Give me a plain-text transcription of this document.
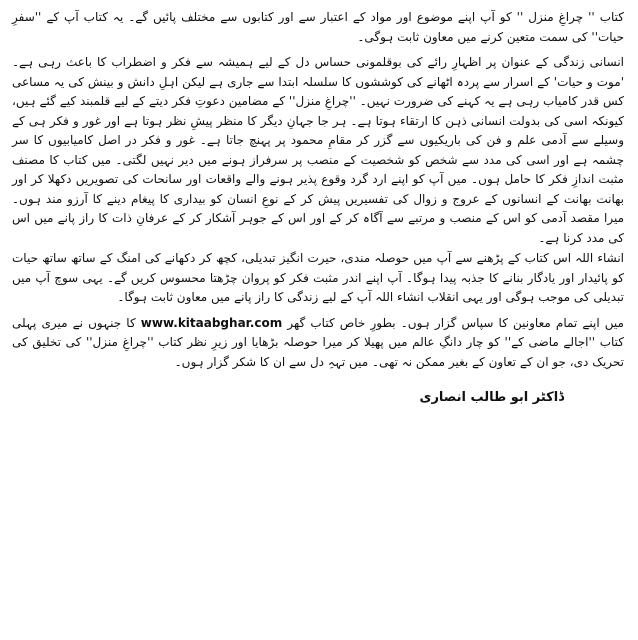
کتاب '' چراغِ منزل '' کو آپ اپنے موضوع اور مواد کے اعتبار سے اور کتابوں سے مختلف پائیں گے۔ یہ کتاب آپ کے ''سفرِ حیات'' کی سمت متعین کرنے میں معاون ثابت ہوگی۔

انسانی زندگی کے عنوان پر اظہارِ رائے کی بوقلمونی حساس دل کے لیے ہمیشہ سے فکر و اضطراب کا باعث رہی ہے۔ 'موت و حیات' کے اسرار سے پردہ اٹھانے کی کوششوں کا سلسلہ ابتدا سے جاری ہے لیکن اہلِ دانش و بینش کی یہ مساعی کس قدر کامیاب رہی ہے یہ کہنے کی ضرورت نہیں۔ ''چراغِ منزل'' کے مضامین دعوتِ فکر دیتے کے لیے قلمبند کیے گئے ہیں، کیونکہ اسی کی بدولت انسانی ذہن کا ارتقاء ہوتا ہے۔ ہر جا جہانِ دیگر کا منظر پیشِ نظر ہوتا ہے اور غور و فکر ہی کے وسیلے سے آدمی علم و فن کی باریکیوں سے گزر کر مقامِ محمود پر پہنچ جاتا ہے۔ غور و فکر در اصل کامیابیوں کا سر چشمہ ہے اور اسی کی مدد سے شخص کو شخصیت کے منصب پر سرفراز ہونے میں دیر نہیں لگتی۔ میں کتاب کا مصنف مثبت اندازِ فکر کا حامل ہوں۔ میں آپ کو اپنے ارد گرد وقوع پذیر ہونے والے واقعات اور سانحات کی تصویریں دکھلا کر اور بھانت بھانت کے انسانوں کے عروج و زوال کی تفسیریں پیش کر کے نوعِ انسان کو بیداری کا پیغام دینے کا آرزو مند ہوں۔ میرا مقصد آدمی کو اس کے منصب و مرتبے سے آگاہ کر کے اور اس کے جوہر آشکار کر کے عرفانِ ذات کا راز پانے میں اس کی مدد کرنا ہے۔

انشاء اللہ اس کتاب کے پڑھنے سے آپ میں حوصلہ مندی، حیرت انگیز تبدیلی، کچھ کر دکھانے کی امنگ کے ساتھ ساتھ حیات کو پائیدار اور یادگار بنانے کا جذبہ پیدا ہوگا۔ آپ اپنے اندر مثبت فکر کو پروان چڑھتا محسوس کریں گے۔ یہی سوچ آپ میں تبدیلی کی موجب ہوگی اور یہی انقلاب انشاء اللہ آپ کے لیے زندگی کا راز پانے میں معاون ثابت ہوگا۔

میں اپنے تمام معاونین کا سپاس گزار ہوں۔ بطورِ خاص کتاب گھر www.kitaabghar.com کا جنہوں نے میری پہلی کتاب ''اجالے ماضی کے'' کو چار دانگِ عالم میں پھیلا کر میرا حوصلہ بڑھایا اور زیرِ نظر کتاب ''چراغِ منزل'' کی تخلیق کی تحریک دی، جو ان کے تعاون کے بغیر ممکن نہ تھی۔ میں تہہِ دل سے ان کا شکر گزار ہوں۔

ڈاکٹر ابو طالب انصاری
